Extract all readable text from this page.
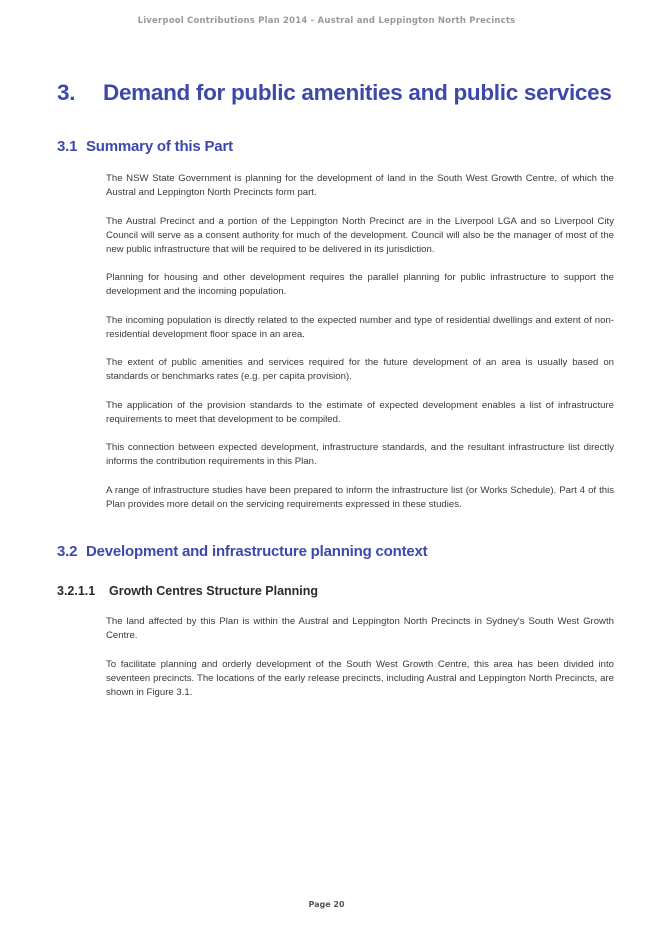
Liverpool Contributions Plan 2014 - Austral and Leppington North Precincts
3. Demand for public amenities and public services
3.1 Summary of this Part

The NSW State Government is planning for the development of land in the South West Growth Centre, of which the Austral and Leppington North Precincts form part.

The Austral Precinct and a portion of the Leppington North Precinct are in the Liverpool LGA and so Liverpool City Council will serve as a consent authority for much of the development. Council will also be the manager of most of the new public infrastructure that will be required to be delivered in its jurisdiction.

Planning for housing and other development requires the parallel planning for public infrastructure to support the development and the incoming population.

The incoming population is directly related to the expected number and type of residential dwellings and extent of non-residential development floor space in an area.

The extent of public amenities and services required for the future development of an area is usually based on standards or benchmarks rates (e.g. per capita provision).

The application of the provision standards to the estimate of expected development enables a list of infrastructure requirements to meet that development to be compiled.

This connection between expected development, infrastructure standards, and the resultant infrastructure list directly informs the contribution requirements in this Plan.

A range of infrastructure studies have been prepared to inform the infrastructure list (or Works Schedule). Part 4 of this Plan provides more detail on the servicing requirements expressed in these studies.

3.2 Development and infrastructure planning context
3.2.1.1 Growth Centres Structure Planning

The land affected by this Plan is within the Austral and Leppington North Precincts in Sydney's South West Growth Centre.

To facilitate planning and orderly development of the South West Growth Centre, this area has been divided into seventeen precincts. The locations of the early release precincts, including Austral and Leppington North Precincts, are shown in Figure 3.1.

Page 20
